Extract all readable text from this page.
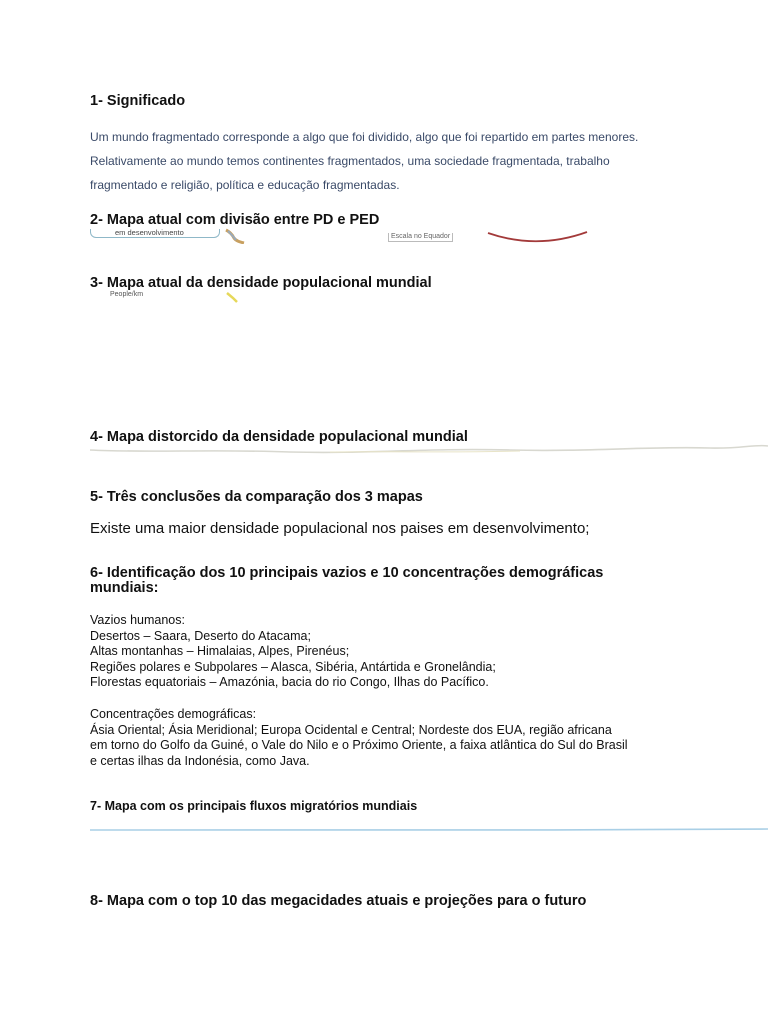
1- Significado
Um mundo fragmentado corresponde a algo que foi dividido, algo que foi repartido em partes menores.
Relativamente ao mundo temos continentes fragmentados, uma sociedade fragmentada, trabalho
fragmentado e religião, política e educação fragmentadas.
2- Mapa atual com divisão entre PD e PED
em desenvolvimento	Escala no Equador
3- Mapa atual da densidade populacional mundial
People/km
4- Mapa distorcido da densidade populacional mundial
5- Três conclusões da comparação dos 3 mapas

Existe uma maior densidade populacional nos paises em desenvolvimento;

6- Identificação dos 10 principais vazios e 10 concentrações demográficas mundiais:
Vazios humanos:
Desertos – Saara, Deserto do Atacama;
Altas montanhas – Himalaias, Alpes, Pirenéus;
Regiões polares e Subpolares – Alasca, Sibéria, Antártida e Gronelândia;
Florestas equatoriais – Amazónia, bacia do rio Congo, Ilhas do Pacífico.
Concentrações demográficas:
Ásia Oriental; Ásia Meridional; Europa Ocidental e Central; Nordeste dos EUA, região africana
em torno do Golfo da Guiné, o Vale do Nilo e o Próximo Oriente, a faixa atlântica do Sul do Brasil
e certas ilhas da Indonésia, como Java.
7- Mapa com os principais fluxos migratórios mundiais
8- Mapa com o top 10 das megacidades atuais e projeções para o futuro
